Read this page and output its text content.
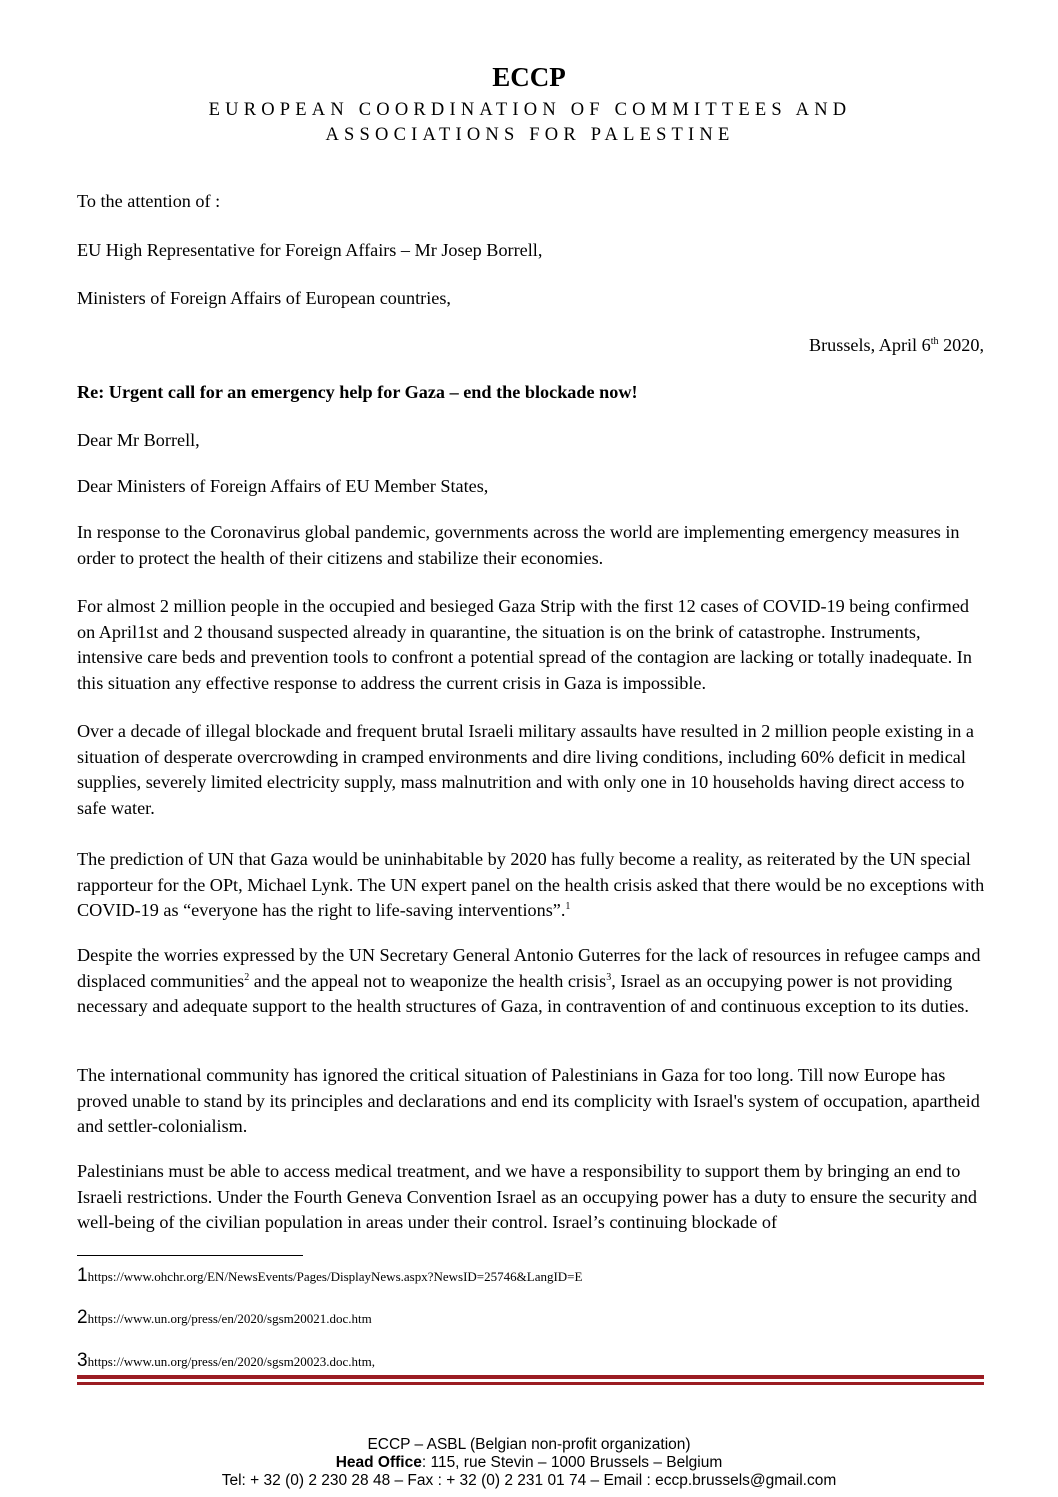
ECCP
EUROPEAN COORDINATION OF COMMITTEES AND
ASSOCIATIONS FOR PALESTINE
To the attention of :
EU High Representative for Foreign Affairs – Mr Josep Borrell,
Ministers of Foreign Affairs of European countries,
Brussels, April 6th 2020,
Re: Urgent call for an emergency help for Gaza – end the blockade now!
Dear Mr Borrell,
Dear Ministers of Foreign Affairs of EU Member States,
In response to the Coronavirus global pandemic, governments across the world are implementing emergency measures in order to protect the health of their citizens and stabilize their economies.
For almost 2 million people in the occupied and besieged Gaza Strip with the first 12 cases of COVID-19 being confirmed on April1st and 2 thousand suspected already in quarantine, the situation is on the brink of catastrophe. Instruments, intensive care beds and prevention tools to confront a potential spread of the contagion are lacking or totally inadequate. In this situation any effective response to address the current crisis in Gaza is impossible.
Over a decade of illegal blockade and frequent brutal Israeli military assaults have resulted in 2 million people existing in a situation of desperate overcrowding in cramped environments and dire living conditions, including 60% deficit in medical supplies, severely limited electricity supply, mass malnutrition and with only one in 10 households having direct access to safe water.
The prediction of UN that Gaza would be uninhabitable by 2020 has fully become a reality, as reiterated by the UN special rapporteur for the OPt, Michael Lynk. The UN expert panel on the health crisis asked that there would be no exceptions with COVID-19 as “everyone has the right to life-saving interventions”.$^1$
Despite the worries expressed by the UN Secretary General Antonio Guterres for the lack of resources in refugee camps and displaced communities$^2$ and the appeal not to weaponize the health crisis$^3$, Israel as an occupying power is not providing necessary and adequate support to the health structures of Gaza, in contravention of and continuous exception to its duties.
The international community has ignored the critical situation of Palestinians in Gaza for too long. Till now Europe has proved unable to stand by its principles and declarations and end its complicity with Israel's system of occupation, apartheid and settler-colonialism.
Palestinians must be able to access medical treatment, and we have a responsibility to support them by bringing an end to Israeli restrictions. Under the Fourth Geneva Convention Israel as an occupying power has a duty to ensure the security and well-being of the civilian population in areas under their control. Israel’s continuing blockade of
1https://www.ohchr.org/EN/NewsEvents/Pages/DisplayNews.aspx?NewsID=25746&LangID=E
2https://www.un.org/press/en/2020/sgsm20021.doc.htm
3https://www.un.org/press/en/2020/sgsm20023.doc.htm,
ECCP – ASBL (Belgian non-profit organization)
Head Office: 115, rue Stevin – 1000 Brussels – Belgium
Tel: + 32 (0) 2 230 28 48 – Fax : + 32 (0) 2 231 01 74 – Email : eccp.brussels@gmail.com
